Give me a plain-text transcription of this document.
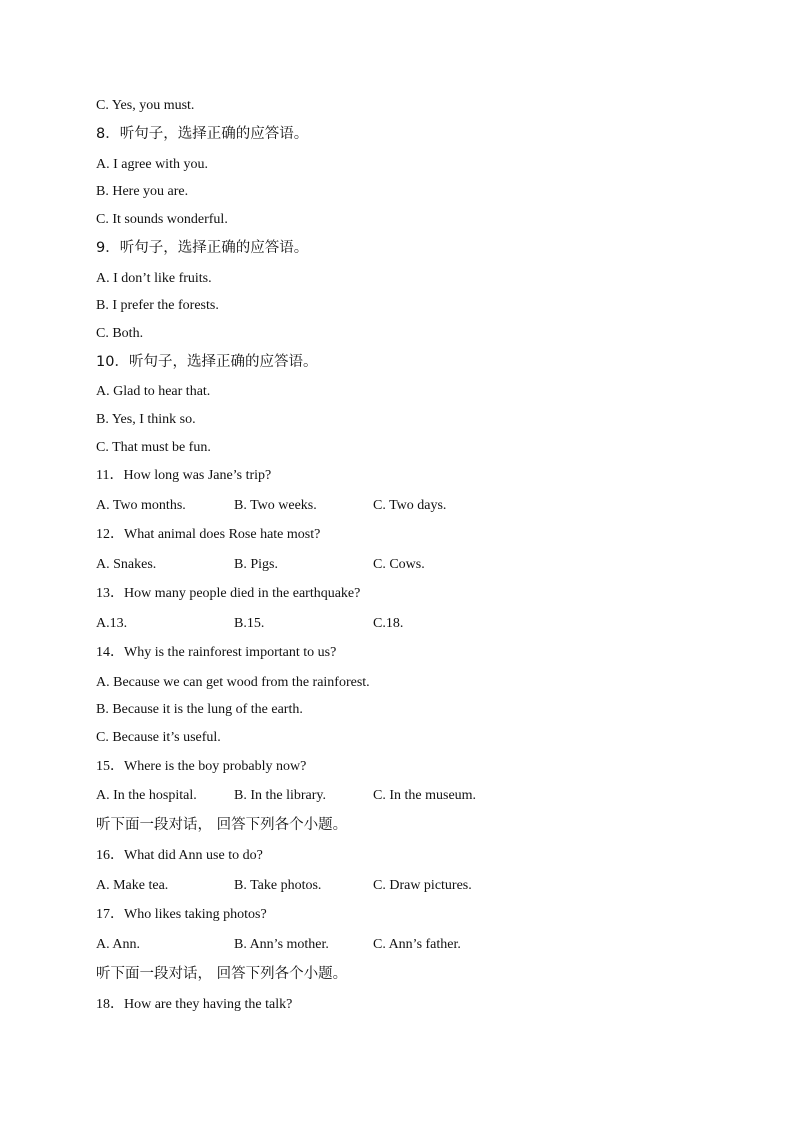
C. Yes, you must.
8．听句子，选择正确的应答语。
A. I agree with you.
B. Here you are.
C. It sounds wonderful.
9．听句子，选择正确的应答语。
A. I don’t like fruits.
B. I prefer the forests.
C. Both.
10．听句子，选择正确的应答语。
A. Glad to hear that.
B. Yes, I think so.
C. That must be fun.
11．How long was Jane’s trip?
A. Two months.	B. Two weeks.	C. Two days.
12．What animal does Rose hate most?
A. Snakes.	B. Pigs.	C. Cows.
13．How many people died in the earthquake?
A.13.	B.15.	C.18.
14．Why is the rainforest important to us?
A. Because we can get wood from the rainforest.
B. Because it is the lung of the earth.
C. Because it’s useful.
15．Where is the boy probably now?
A. In the hospital.	B. In the library.	C. In the museum.
听下面一段对话， 回答下列各个小题。
16．What did Ann use to do?
A. Make tea.	B. Take photos.	C. Draw pictures.
17．Who likes taking photos?
A. Ann.	B. Ann’s mother.	C. Ann’s father.
听下面一段对话， 回答下列各个小题。
18．How are they having the talk?
